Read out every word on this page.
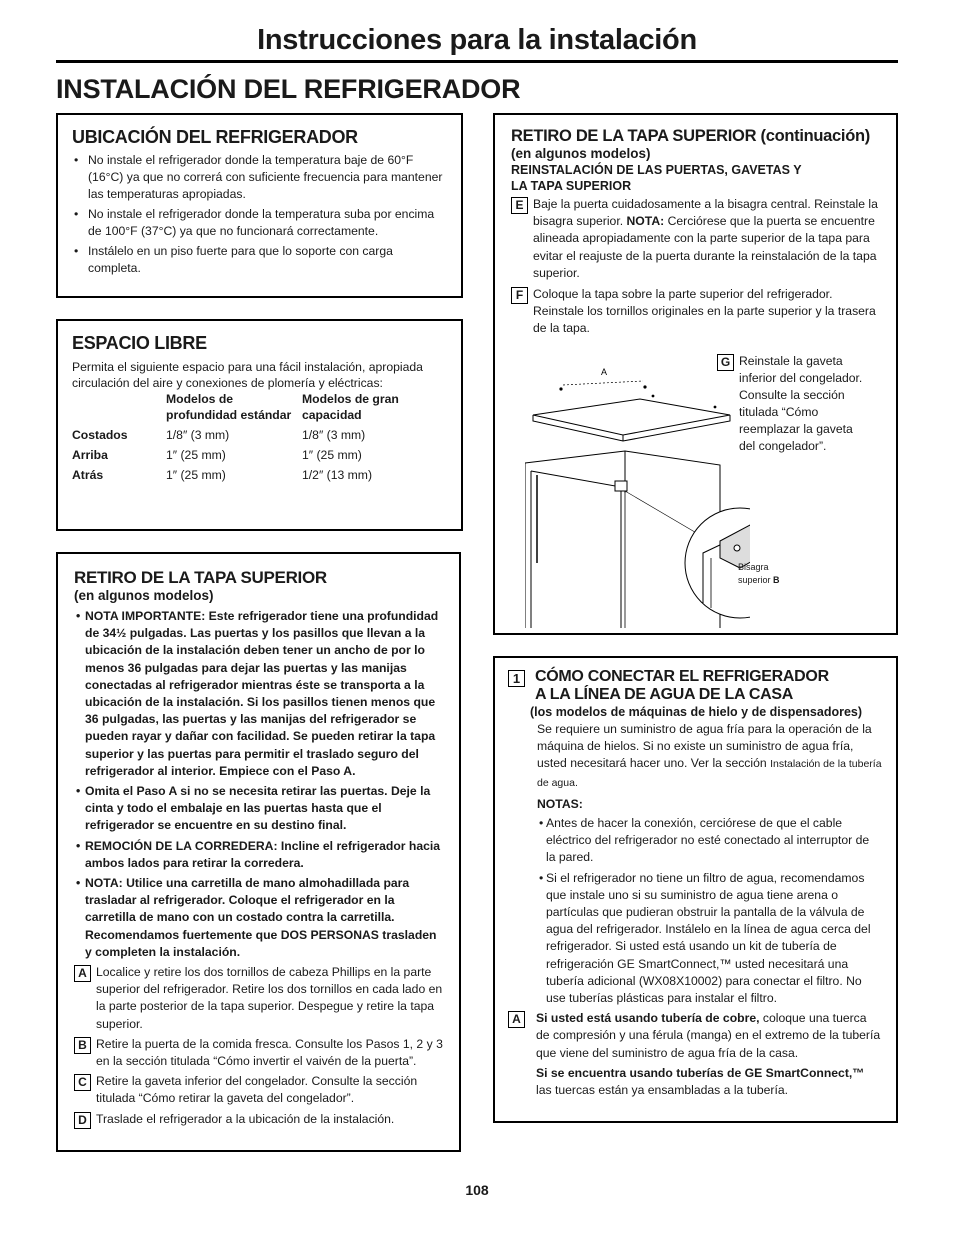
Instrucciones para la instalación
INSTALACIÓN DEL REFRIGERADOR
UBICACIÓN DEL REFRIGERADOR
• No instale el refrigerador donde la temperatura baje de 60°F (16°C) ya que no correrá con suficiente frecuencia para mantener las temperaturas apropiadas.
• No instale el refrigerador donde la temperatura suba por encima de 100°F (37°C) ya que no funcionará correctamente.
• Instálelo en un piso fuerte para que lo soporte con carga completa.
ESPACIO LIBRE
Permita el siguiente espacio para una fácil instalación, apropiada circulación del aire y conexiones de plomería y eléctricas:
	Modelos de profundidad estándar	Modelos de gran capacidad
Costados	1/8″ (3 mm)	1/8″ (3 mm)
Arriba	1″ (25 mm)	1″ (25 mm)
Atrás	1″ (25 mm)	1/2″ (13 mm)
RETIRO DE LA TAPA SUPERIOR
(en algunos modelos)
• NOTA IMPORTANTE: Este refrigerador tiene una profundidad de 34½ pulgadas. Las puertas y los pasillos que llevan a la ubicación de la instalación deben tener un ancho de por lo menos 36 pulgadas para dejar las puertas y las manijas conectadas al refrigerador mientras éste se transporta a la ubicación de la instalación. Si los pasillos tienen menos que 36 pulgadas, las puertas y las manijas del refrigerador se pueden rayar y dañar con facilidad. Se pueden retirar la tapa superior y las puertas para permitir el traslado seguro del refrigerador al interior. Empiece con el Paso A.
• Omita el Paso A si no se necesita retirar las puertas. Deje la cinta y todo el embalaje en las puertas hasta que el refrigerador se encuentre en su destino final.
• REMOCIÓN DE LA CORREDERA: Incline el refrigerador hacia ambos lados para retirar la corredera.
• NOTA: Utilice una carretilla de mano almohadillada para trasladar al refrigerador. Coloque el refrigerador en la carretilla de mano con un costado contra la carretilla. Recomendamos fuertemente que DOS PERSONAS trasladen y completen la instalación.
A Localice y retire los dos tornillos de cabeza Phillips en la parte superior del refrigerador. Retire los dos tornillos en cada lado en la parte posterior de la tapa superior. Despegue y retire la tapa superior.
B Retire la puerta de la comida fresca. Consulte los Pasos 1, 2 y 3 en la sección titulada “Cómo invertir el vaivén de la puerta”.
C Retire la gaveta inferior del congelador. Consulte la sección titulada “Cómo retirar la gaveta del congelador”.
D Traslade el refrigerador a la ubicación de la instalación.
RETIRO DE LA TAPA SUPERIOR (continuación)
(en algunos modelos)
REINSTALACIÓN DE LAS PUERTAS, GAVETAS Y
LA TAPA SUPERIOR
E Baje la puerta cuidadosamente a la bisagra central. Reinstale la bisagra superior. NOTA: Cerciórese que la puerta se encuentre alineada apropiadamente con la parte superior de la tapa para evitar el reajuste de la puerta durante la reinstalación de la tapa superior.
F Coloque la tapa sobre la parte superior del refrigerador. Reinstale los tornillos originales en la parte superior y la trasera de la tapa.
G Reinstale la gaveta inferior del congelador. Consulte la sección titulada “Cómo reemplazar la gaveta del congelador”.
A
Bisagra
superior B
1 CÓMO CONECTAR EL REFRIGERADOR
A LA LÍNEA DE AGUA DE LA CASA
(los modelos de máquinas de hielo y de dispensadores)
Se requiere un suministro de agua fría para la operación de la máquina de hielos. Si no existe un suministro de agua fría, usted necesitará hacer uno. Ver la sección Instalación de la tubería de agua.
NOTAS:
• Antes de hacer la conexión, cerciórese de que el cable eléctrico del refrigerador no esté conectado al interruptor de la pared.
• Si el refrigerador no tiene un filtro de agua, recomendamos que instale uno si su suministro de agua tiene arena o partículas que pudieran obstruir la pantalla de la válvula de agua del refrigerador. Instálelo en la línea de agua cerca del refrigerador. Si usted está usando un kit de tubería de refrigeración GE SmartConnect,™ usted necesitará una tubería adicional (WX08X10002) para conectar el filtro. No use tuberías plásticas para instalar el filtro.
A	Si usted está usando tubería de cobre, coloque una tuerca de compresión y una férula (manga) en el extremo de la tubería que viene del suministro de agua fría de la casa.
Si se encuentra usando tuberías de GE SmartConnect,™
las tuercas están ya ensambladas a la tubería.
108
